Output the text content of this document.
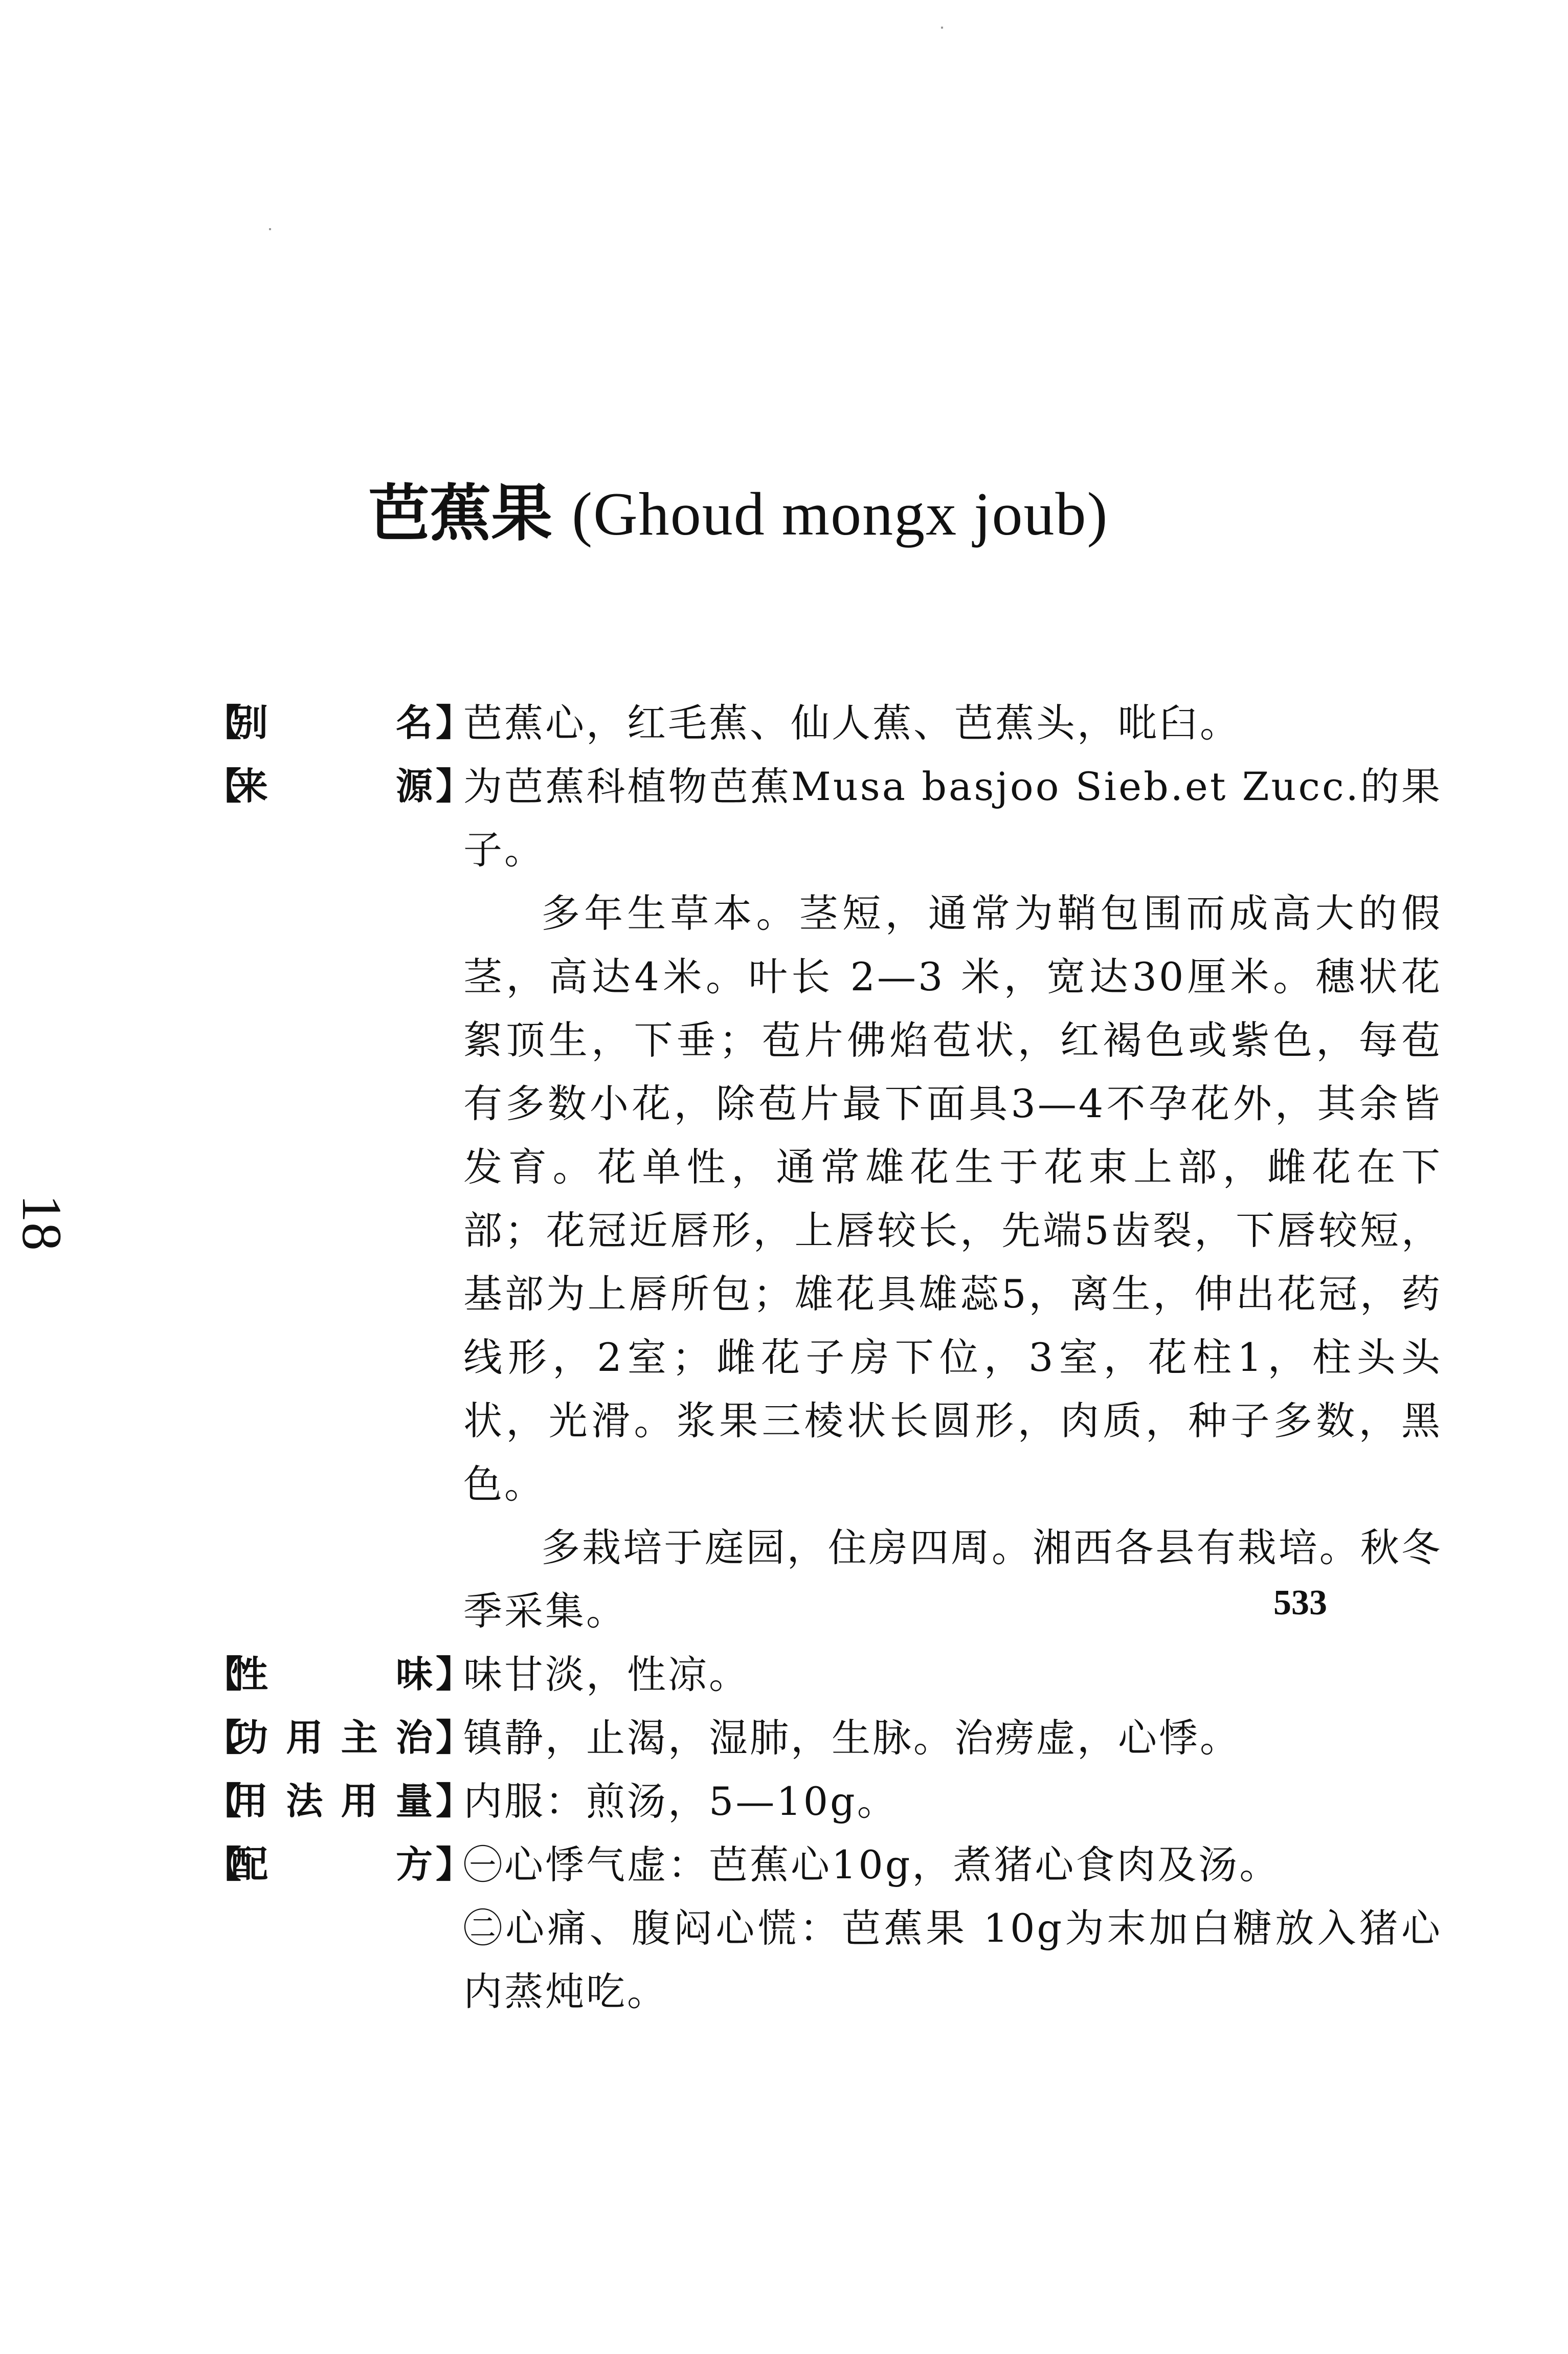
芭蕉果 (Ghoud mongx joub)
18
【
别	名 】

芭蕉心，红毛蕉、仙人蕉、芭蕉头，吡臼。

【
来	源 】

为芭蕉科植物芭蕉Musa basjoo Sieb.et Zucc.的果子。

多年生草本。茎短，通常为鞘包围而成高大的假茎，高达4米。叶长 2—3 米，宽达30厘米。穗状花絮顶生，下垂；苞片佛焰苞状，红褐色或紫色，每苞有多数小花，除苞片最下面具3—4不孕花外，其余皆发育。花单性，通常雄花生于花束上部，雌花在下部；花冠近唇形，上唇较长，先端5齿裂，下唇较短，基部为上唇所包；雄花具雄蕊5，离生，伸出花冠，药线形，2室；雌花子房下位，3室，花柱1，柱头头状，光滑。浆果三棱状长圆形，肉质，种子多数，黑色。

多栽培于庭园，住房四周。湘西各县有栽培。秋冬季采集。

【
性	味 】

味甘淡，性凉。

【
功 用 主 治 】

镇静，止渴，湿肺，生脉。治痨虚，心悸。

【
用 法 用 量 】

内服：煎汤，5—10g。

【
配	方 】

㊀心悸气虚：芭蕉心10g，煮猪心食肉及汤。

㊁心痛、腹闷心慌：芭蕉果 10g为末加白糖放入猪心内蒸炖吃。

533
